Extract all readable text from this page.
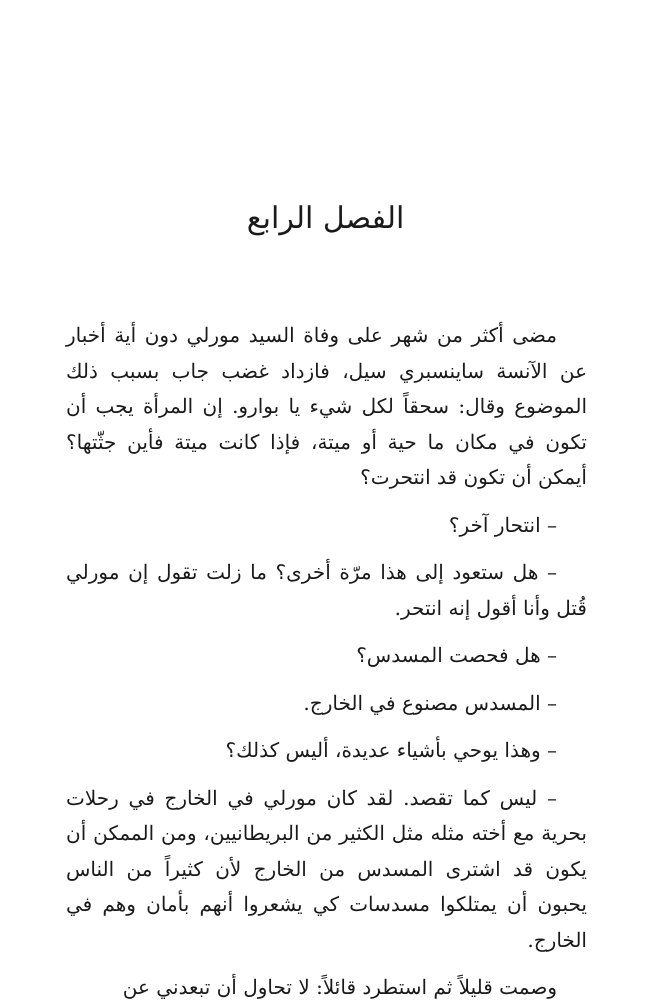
الفصل الرابع

مضى أكثر من شهر على وفاة السيد مورلي دون أية أخبار عن الآنسة ساينسبري سيل، فازداد غضب جاب بسبب ذلك الموضوع وقال: سحقاً لكل شيء يا بوارو. إن المرأة يجب أن تكون في مكان ما حية أو ميتة، فإذا كانت ميتة فأين جثّتها؟ أيمكن أن تكون قد انتحرت؟

– انتحار آخر؟

– هل ستعود إلى هذا مرّة أخرى؟ ما زلت تقول إن مورلي قُتل وأنا أقول إنه انتحر.

– هل فحصت المسدس؟

– المسدس مصنوع في الخارج.

– وهذا يوحي بأشياء عديدة، أليس كذلك؟

– ليس كما تقصد. لقد كان مورلي في الخارج في رحلات بحرية مع أخته مثله مثل الكثير من البريطانيين، ومن الممكن أن يكون قد اشترى المسدس من الخارج لأن كثيراً من الناس يحبون أن يمتلكوا مسدسات كي يشعروا أنهم بأمان وهم في الخارج.

وصمت قليلاً ثم استطرد قائلاً: لا تحاول أن تبعدني عن
